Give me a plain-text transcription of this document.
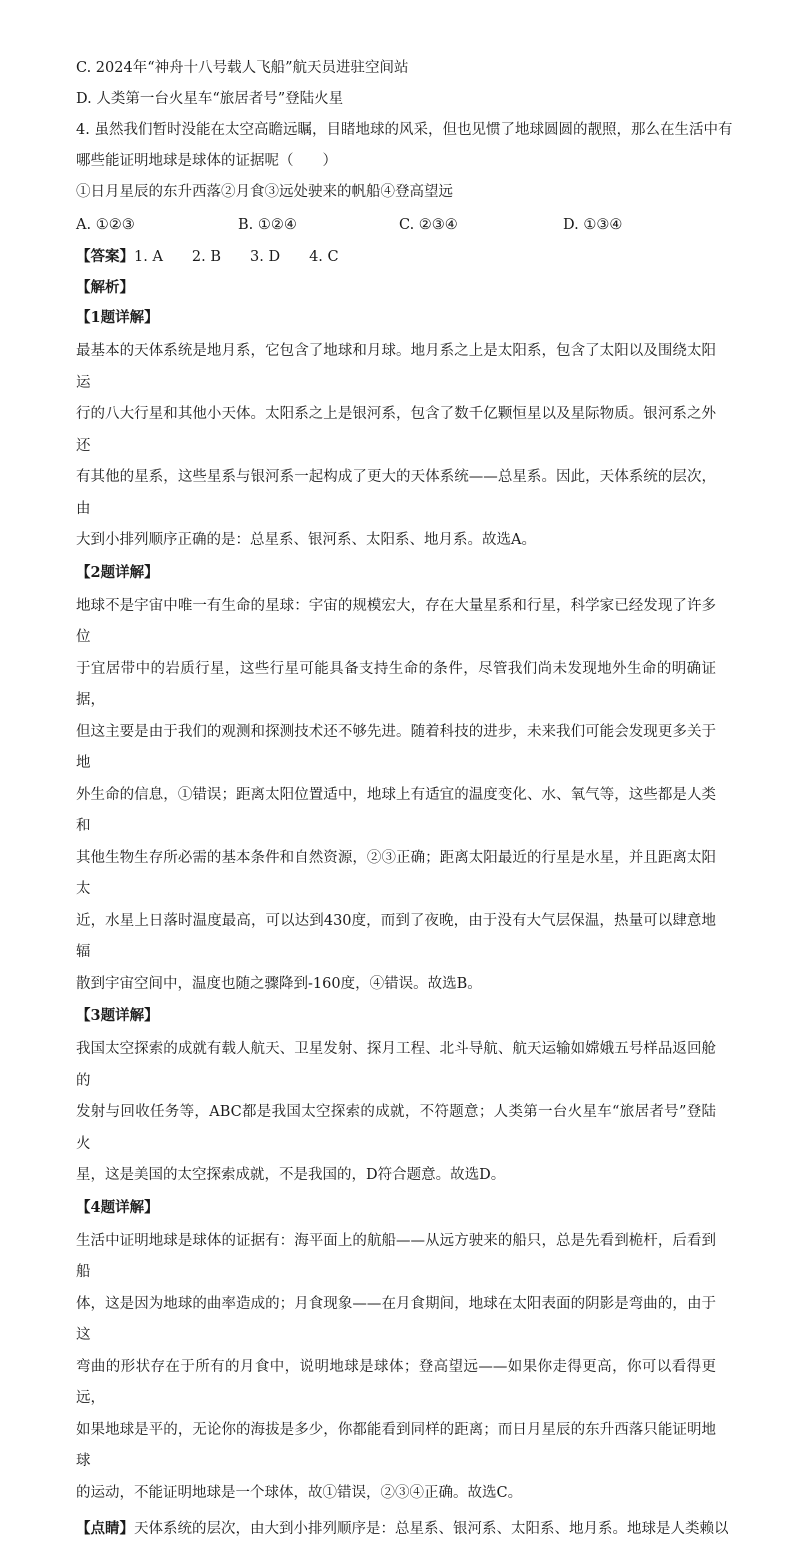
C. 2024年“神舟十八号载人飞船”航天员进驻空间站

D. 人类第一台火星车“旅居者号”登陆火星

4. 虽然我们暂时没能在太空高瞻远瞩，目睹地球的风采，但也见惯了地球圆圆的靓照，那么在生活中有

哪些能证明地球是球体的证据呢（　　）

①日月星辰的东升西落②月食③远处驶来的帆船④登高望远

A. ①②③	B. ①②④	C. ②③④	D. ①③④

【答案】1. A　　2. B　　3. D　　4. C

【解析】

【1题详解】

最基本的天体系统是地月系，它包含了地球和月球。地月系之上是太阳系，包含了太阳以及围绕太阳运
行的八大行星和其他小天体。太阳系之上是银河系，包含了数千亿颗恒星以及星际物质。银河系之外还
有其他的星系，这些星系与银河系一起构成了更大的天体系统——总星系。因此，天体系统的层次，由
大到小排列顺序正确的是：总星系、银河系、太阳系、地月系。故选A。

【2题详解】

地球不是宇宙中唯一有生命的星球：宇宙的规模宏大，存在大量星系和行星，科学家已经发现了许多位
于宜居带中的岩质行星，这些行星可能具备支持生命的条件，尽管我们尚未发现地外生命的明确证据，
但这主要是由于我们的观测和探测技术还不够先进。随着科技的进步，未来我们可能会发现更多关于地
外生命的信息，①错误；距离太阳位置适中，地球上有适宜的温度变化、水、氧气等，这些都是人类和
其他生物生存所必需的基本条件和自然资源，②③正确；距离太阳最近的行星是水星，并且距离太阳太
近，水星上日落时温度最高，可以达到430度，而到了夜晚，由于没有大气层保温，热量可以肆意地辐
散到宇宙空间中，温度也随之骤降到-160度，④错误。故选B。

【3题详解】

我国太空探索的成就有载人航天、卫星发射、探月工程、北斗导航、航天运输如嫦娥五号样品返回舱的
发射与回收任务等，ABC都是我国太空探索的成就，不符题意；人类第一台火星车“旅居者号”登陆火
星，这是美国的太空探索成就，不是我国的，D符合题意。故选D。

【4题详解】

生活中证明地球是球体的证据有：海平面上的航船——从远方驶来的船只，总是先看到桅杆，后看到船
体，这是因为地球的曲率造成的；月食现象——在月食期间，地球在太阳表面的阴影是弯曲的，由于这
弯曲的形状存在于所有的月食中，说明地球是球体；登高望远——如果你走得更高，你可以看得更远，
如果地球是平的，无论你的海拔是多少，你都能看到同样的距离；而日月星辰的东升西落只能证明地球
的运动，不能证明地球是一个球体，故①错误，②③④正确。故选C。

【点睛】天体系统的层次，由大到小排列顺序是：总星系、银河系、太阳系、地月系。地球是人类赖以
